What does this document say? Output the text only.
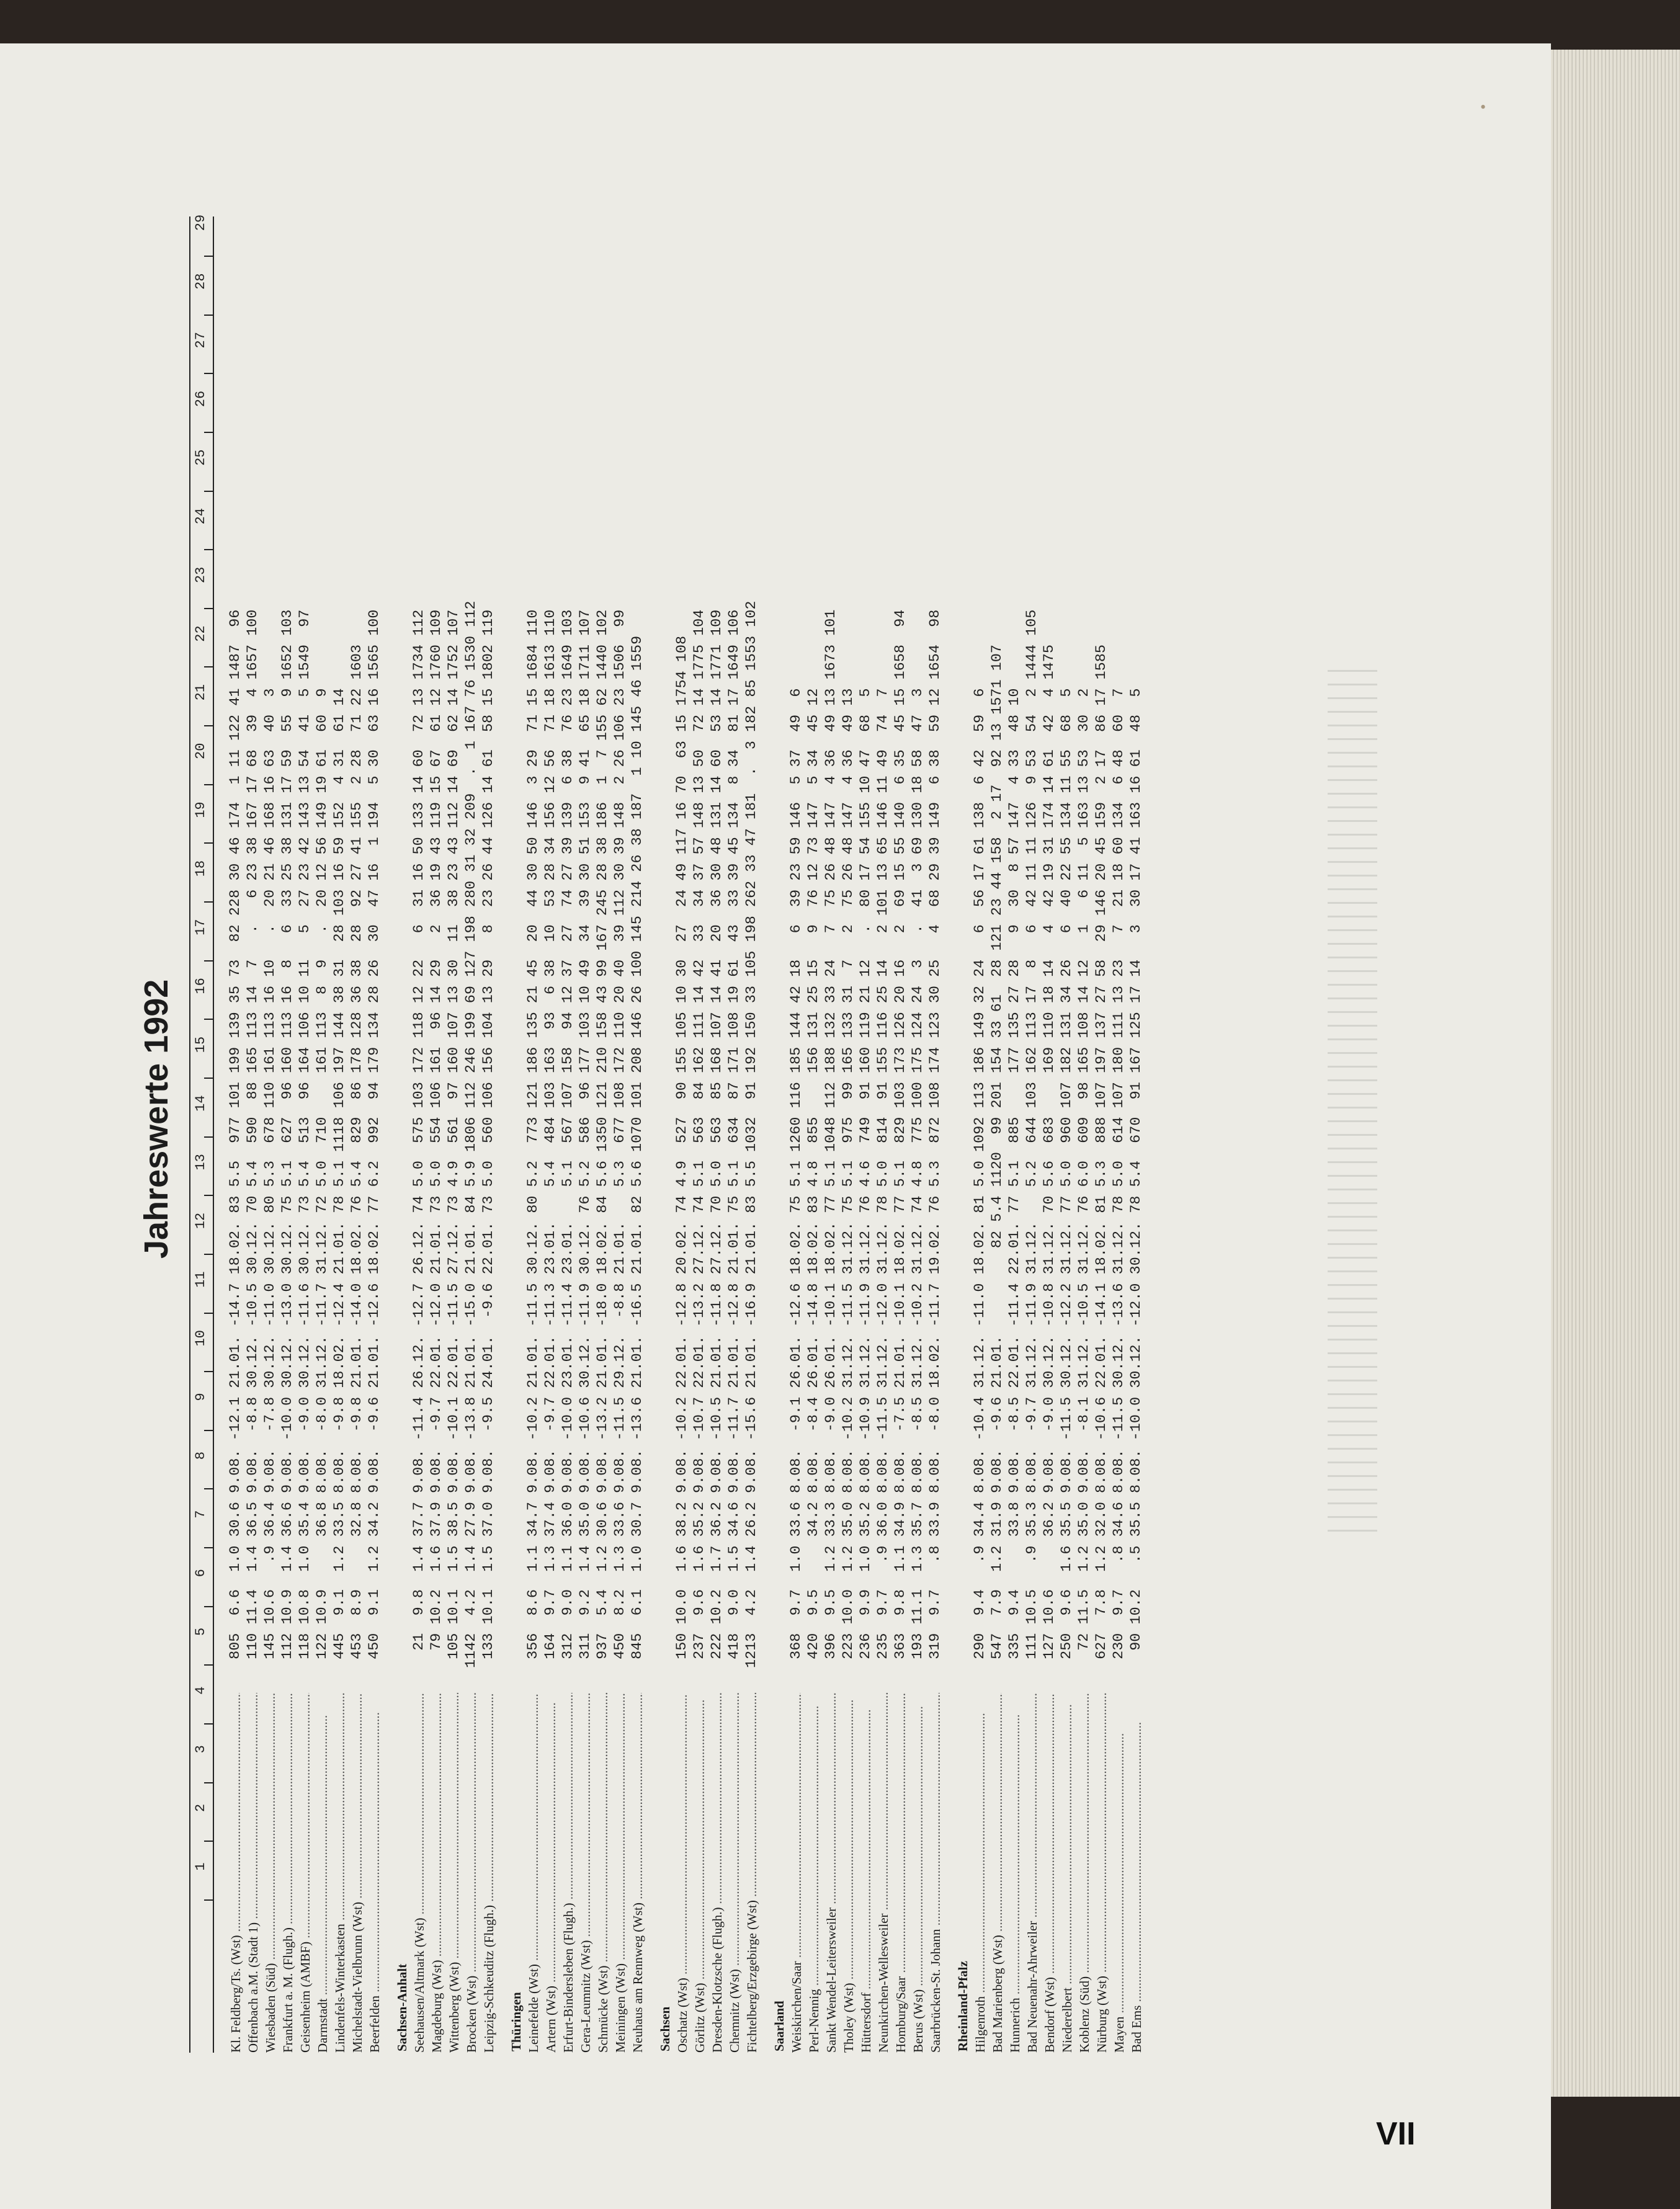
Jahreswerte 1992
1
2
3
4
5
6
7
8
9
10
11
12
13
14
15
16
17
18
19
20
21
22
23
24
25
26
27
28
29
Kl. Feldberg/Ts. (Wst) .....
805  6.6  1.0 30.6 9.08. -12.1 21.01. -14.7 18.02. 83 5.5  977 101 199 139 35 73  82 228 30 46 174  1 11 122 41 1487  96
Offenbach a.M. (Stadt 1) .....
110 11.4  1.4 36.5 9.08.  -8.8 30.12. -10.5 30.12. 70 5.4  590  88 165 113 14  7   .   6 23 38 167 17 68  39  4 1657 100
Wiesbaden (Süd) .....
145 10.6   .9 36.4 9.08.  -7.8 30.12. -11.0 30.12. 80 5.3  678 110 161 113 16 10   .  20 21 46 168 16 63  40  3
Frankfurt a. M. (Flugh.) .....
112 10.9  1.4 36.6 9.08. -10.0 30.12. -13.0 30.12. 75 5.1  627  96 160 113 16  8   6  33 25 38 131 17 59  55  9 1652 103
Geisenheim (AMBF) .....
118 10.8  1.0 35.4 9.08.  -9.0 30.12. -11.6 30.12. 73 5.4  513  96 164 106 10 11   5  27 23 42 143 13 54  41  5 1549  97
Darmstadt .....
122 10.9      36.8 8.08.  -8.0 31.12. -11.7 31.12. 72 5.0  710     161 113  8  9   .  20 12 56 149 19 61  60  9
Lindenfels-Winterkasten .....
445  9.1  1.2 33.5 8.08.  -9.8 18.02. -12.4 21.01. 78 5.1 1118 106 197 144 38 31  28 103 16 59 152  4 31  61 14
Michelstadt-Vielbrunn (Wst) .....
453  8.9      32.8 8.08.  -9.8 21.01. -14.0 18.02. 76 5.4  829  86 178 128 36 38  28  92 27 41 155  2 28  71 22 1603
Beerfelden .....
450  9.1  1.2 34.2 9.08.  -9.6 21.01. -12.6 18.02. 77 6.2  992  94 179 134 28 26  30  47 16  1 194  5 30  63 16 1565 100
Sachsen-Anhalt Seehausen/Altmark (Wst) .....
21  9.8  1.4 37.7 9.08. -11.4 26.12. -12.7 26.12. 74 5.0  575 103 172 118 12 22   6  31 16 50 133 14 60  72 13 1734 112
Magdeburg (Wst) .....
79 10.2  1.6 37.9 9.08.  -9.7 22.01. -12.0 21.01. 73 5.0  554 106 161  96 14 29   2  36 19 43 119 15 67  61 12 1760 109
Wittenberg (Wst) .....
105 10.1  1.5 38.5 9.08. -10.1 22.01. -11.5 27.12. 73 4.9  561  97 160 107 13 30  11  38 23 43 112 14 69  62 14 1752 107
Brocken (Wst) .....
1142  4.2  1.4 27.9 9.08. -13.8 21.01. -15.0 21.01. 84 5.9 1806 112 246 199 69 127 198 280 31 32 209  .  1 167 76 1530 112
Leipzig-Schkeuditz (Flugh.) .....
133 10.1  1.5 37.0 9.08.  -9.5 24.01.  -9.6 22.01. 73 5.0  560 106 156 104 13 29   8  23 26 44 126 14 61  58 15 1802 119
Thüringen Leinefelde (Wst) .....
356  8.6  1.1 34.7 9.08. -10.2 21.01. -11.5 30.12. 80 5.2  773 121 186 135 21 45  20  44 30 50 146  3 29  71 15 1684 110
Artern (Wst) .....
164  9.7  1.3 37.4 9.08.  -9.7 22.01. -11.3 23.01.    5.4  484 103 163  93  6 38  10  53 28 34 156 12 56  71 18 1613 110
Erfurt-Bindersleben (Flugh.) .....
312  9.0  1.1 36.0 9.08. -10.0 23.01. -11.4 23.01.    5.1  567 107 158  94 12 37  27  74 27 39 139  6 38  76 23 1649 103
Gera-Leumnitz (Wst) .....
311  9.2  1.4 35.0 9.08. -10.6 30.12. -11.9 30.12. 76 5.2  586  96 177 103 10 49  34  39 30 51 153  9 41  65 18 1711 107
Schmücke (Wst) .....
937  5.4  1.2 30.6 9.08. -13.2 21.01. -18.0 18.02. 84 5.6 1350 121 210 158 43 99 167 245 28 38 186  1  7 155 62 1440 102
Meiningen (Wst) .....
450  8.2  1.3 33.6 9.08. -11.5 29.12.  -8.8 21.01.    5.3  677 108 172 110 20 40  39 112 30 39 148  2 26 106 23 1506  99
Neuhaus am Rennweg (Wst) .....
845  6.1  1.0 30.7 9.08. -13.6 21.01. -16.5 21.01. 82 5.6 1070 101 208 146 26 100 145 214 26 38 187  1 10 145 46 1559
Sachsen Oschatz (Wst) .....
150 10.0  1.6 38.2 9.08. -10.2 22.01. -12.8 20.02. 74 4.9  527  90 155 105 10 30  27  24 49 117 16 70  63 15 1754 108
Görlitz (Wst) .....
237  9.6  1.6 35.2 9.08. -10.7 22.01. -13.2 27.12. 74 5.1  563  84 162 111 14 42  33  34 37 57 148 13 50  72 14 1775 104
Dresden-Klotzsche (Flugh.) .....
222 10.2  1.7 36.2 9.08. -10.5 21.01. -11.8 27.12. 70 5.0  563  85 168 107 14 41  20  36 30 48 131 14 60  53 14 1771 109
Chemnitz (Wst) .....
418  9.0  1.5 34.6 9.08. -11.7 21.01. -12.8 21.01. 75 5.1  634  87 171 108 19 61  43  33 39 45 134  8 34  81 17 1649 106
Fichtelberg/Erzgebirge (Wst) .....
1213  4.2  1.4 26.2 9.08. -15.6 21.01. -16.9 21.01. 83 5.5 1032  91 192 150 33 105 198 262 33 47 181  .  3 182 85 1553 102
Saarland Weiskirchen/Saar .....
368  9.7  1.0 33.6 8.08.  -9.1 26.01. -12.6 18.02. 75 5.1 1260 116 185 144 42 18   6  39 23 59 146  5 37  49  6
Perl-Nennig .....
420  9.5      34.2 8.08.  -8.4 26.01. -14.8 18.02. 83 4.8  855     156 131 25 15   9  76 12 73 147  5 34  45 12
Sankt Wendel-Leitersweiler .....
396  9.5  1.2 33.3 8.08.  -9.0 26.01. -10.1 18.02. 77 5.1 1048 112 188 132 33 24   7  75 26 48 147  4 36  49 13 1673 101
Tholey (Wst) .....
223 10.0  1.2 35.0 8.08. -10.2 31.12. -11.5 31.12. 75 5.1  975  99 165 133 31  7   2  75 26 48 147  4 36  49 13
Hüttersdorf .....
236  9.9  1.0 35.2 8.08. -10.9 31.12. -11.9 31.12. 76 4.6  749  91 160 119 21 12   .  80 17 54 155 10 47  68  5
Neunkirchen-Wellesweiler .....
235  9.7   .9 36.0 8.08. -11.5 31.12. -12.0 31.12. 78 5.0  814  91 155 116 25 14   2 101 13 65 146 11 49  74  7
Homburg/Saar .....
363  9.8  1.1 34.9 8.08.  -7.5 21.01. -10.1 18.02. 77 5.1  829 103 173 126 20 16   2  69 15 55 140  6 35  45 15 1658  94
Berus (Wst) .....
193 11.1  1.3 35.7 8.08.  -8.5 31.12. -10.2 31.12. 74 4.8  775 100 175 124 24  3   .  41  3 69 130 18 58  47  3
Saarbrücken-St. Johann .....
319  9.7   .8 33.9 8.08.  -8.0 18.02. -11.7 19.02. 76 5.3  872 108 174 123 30 25   4  68 29 39 149  6 38  59 12 1654  98
Rheinland-Pfalz Hilgenroth .....
290  9.4   .9 34.4 8.08. -10.4 31.12. -11.0 18.02. 81 5.0 1092 113 186 149 32 24   6  56 17 61 138  6 42  59  6
Bad Marienberg (Wst) .....
547  7.9  1.2 31.9 9.08.  -9.6 21.01.          82 5.4 1120  99 201 154 33 61  28 121 23 44 158  2 17  92 13 1571 107
Hunnerich .....
335  9.4      33.8 9.08.  -8.5 22.01. -11.4 22.01. 77 5.1  885     177 135 27 28   9  30  8 57 147  4 33  48 10
Bad Neuenahr-Ahrweiler .....
111 10.5   .9 35.3 8.08.  -9.7 31.12. -11.9 31.12.    5.2  644 103 162 113 17  8   6  42 11 11 126  9 53  54  2 1444 105
Bendorf (Wst) .....
127 10.6      36.2 9.08.  -9.0 30.12. -10.8 31.12. 70 5.6  683     169 110 18 14   4  42 19 31 174 14 61  42  4 1475
Niederelbert .....
250  9.6  1.6 35.5 9.08. -11.5 30.12. -12.2 31.12. 77 5.0  960 107 182 131 34 26   6  40 22 55 134 11 55  68  5
Koblenz (Süd) .....
72 11.5  1.2 35.0 9.08.  -8.1 31.12. -10.5 31.12. 76 6.0  609  98 165 108 14 12   1   6 11  5 163 13 53  30  2
Nürburg (Wst) .....
627  7.8  1.2 32.0 8.08. -10.6 22.01. -14.1 18.02. 81 5.3  888 107 197 137 27 58  29 146 20 45 159  2 17  86 17 1585
Mayen .....
230  9.7   .8 34.6 8.08. -11.5 30.12. -13.6 31.12. 78 5.0  614 107 180 111 13 23   7  21 18 60 134  6 48  60  7
Bad Ems .....
90 10.2   .5 35.5 8.08. -10.0 30.12. -12.0 30.12. 78 5.4  670  91 167 125 17 14   3  30 17 41 163 16 61  48  5
•
VII
